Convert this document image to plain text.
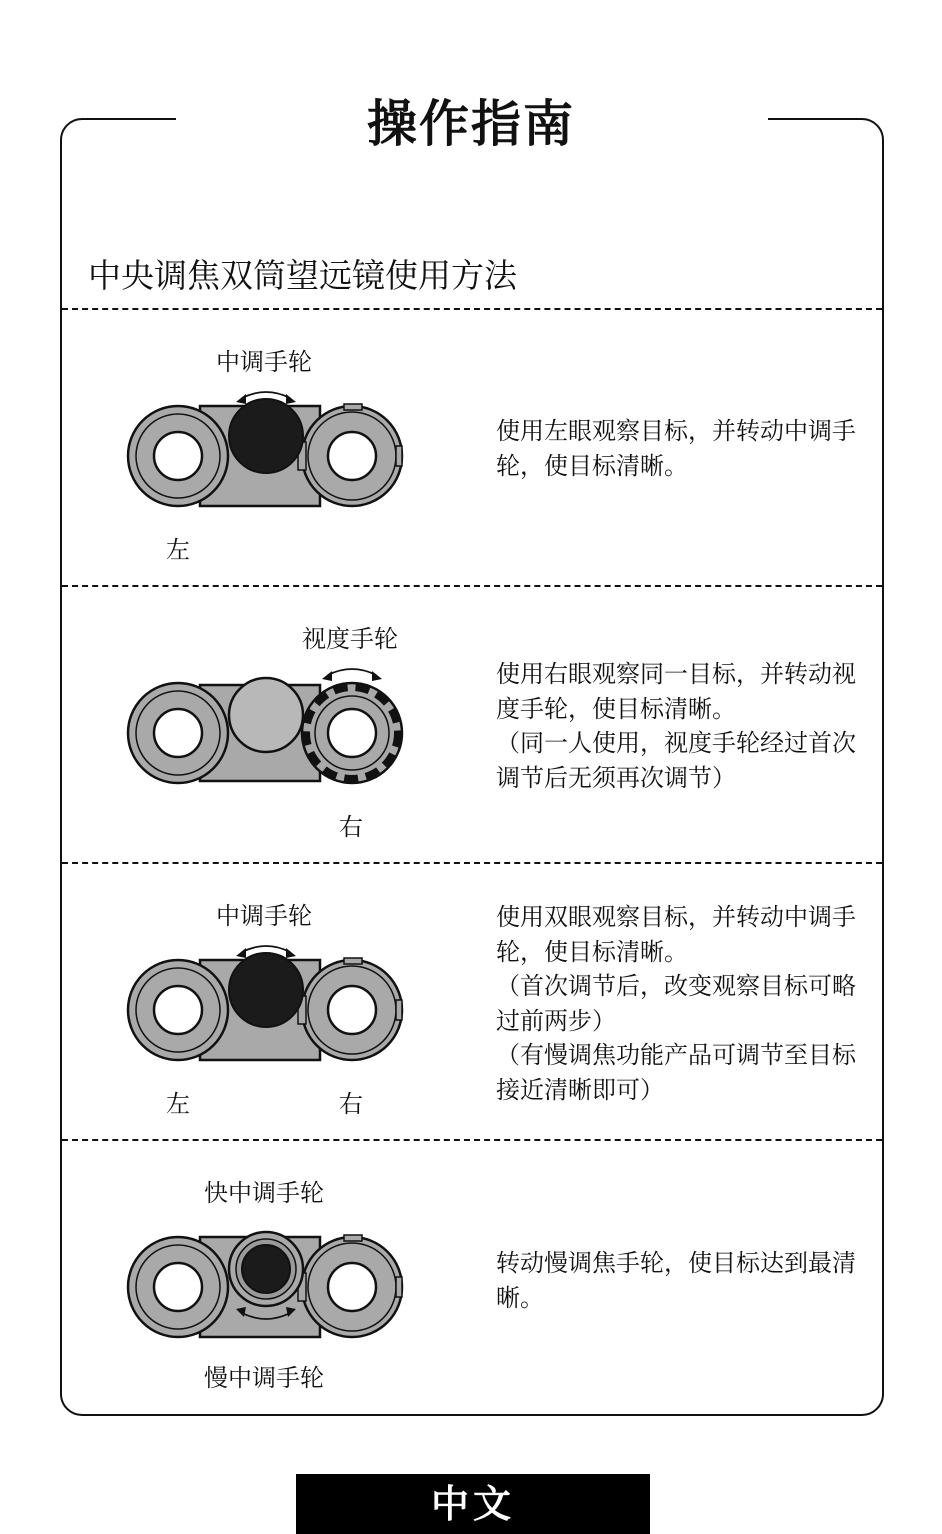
操作指南
中央调焦双筒望远镜使用方法
中调手轮
左

使用左眼观察目标，并转动中调手轮，使目标清晰。

视度手轮
右

使用右眼观察同一目标，并转动视度手轮，使目标清晰。

（同一人使用，视度手轮经过首次调节后无须再次调节）

中调手轮
左	右

使用双眼观察目标，并转动中调手轮，使目标清晰。

（首次调节后，改变观察目标可略过前两步）

（有慢调焦功能产品可调节至目标接近清晰即可）

快中调手轮
慢中调手轮

转动慢调焦手轮，使目标达到最清晰。

中文
